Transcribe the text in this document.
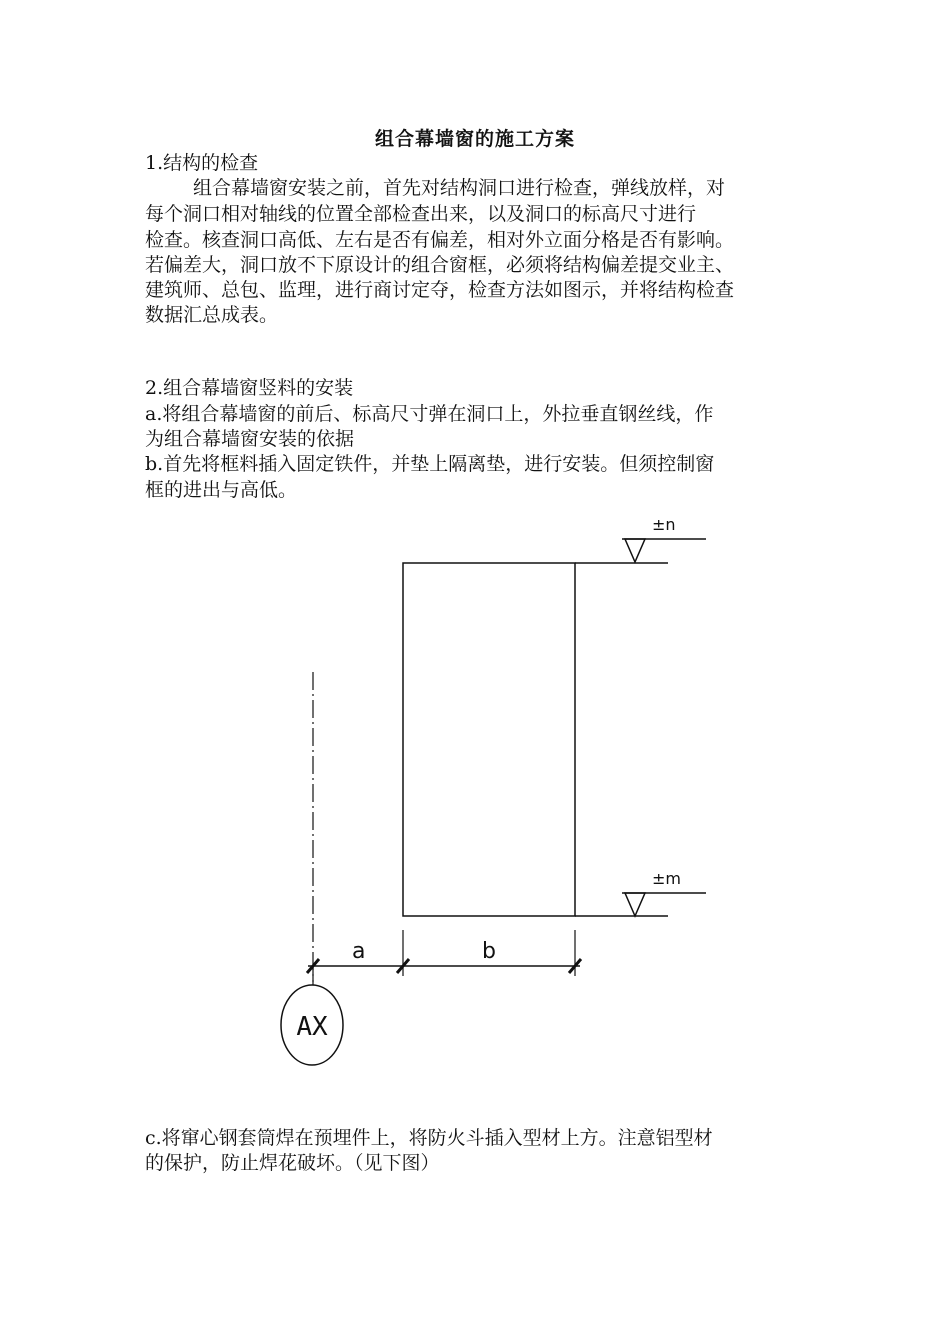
组合幕墙窗的施工方案
1.结构的检查
组合幕墙窗安装之前，首先对结构洞口进行检查，弹线放样，对
每个洞口相对轴线的位置全部检查出来，以及洞口的标高尺寸进行
检查。核查洞口高低、左右是否有偏差，相对外立面分格是否有影响。
若偏差大，洞口放不下原设计的组合窗框，必须将结构偏差提交业主、
建筑师、总包、监理，进行商讨定夺，检查方法如图示，并将结构检查
数据汇总成表。
2.组合幕墙窗竖料的安装
a.将组合幕墙窗的前后、标高尺寸弹在洞口上，外拉垂直钢丝线，作
为组合幕墙窗安装的依据
b.首先将框料插入固定铁件，并垫上隔离垫，进行安装。但须控制窗
框的进出与高低。
±n
±m
a	b
AX
c.将窜心钢套筒焊在预埋件上，将防火斗插入型材上方。注意铝型材
的保护，防止焊花破坏。（见下图）
